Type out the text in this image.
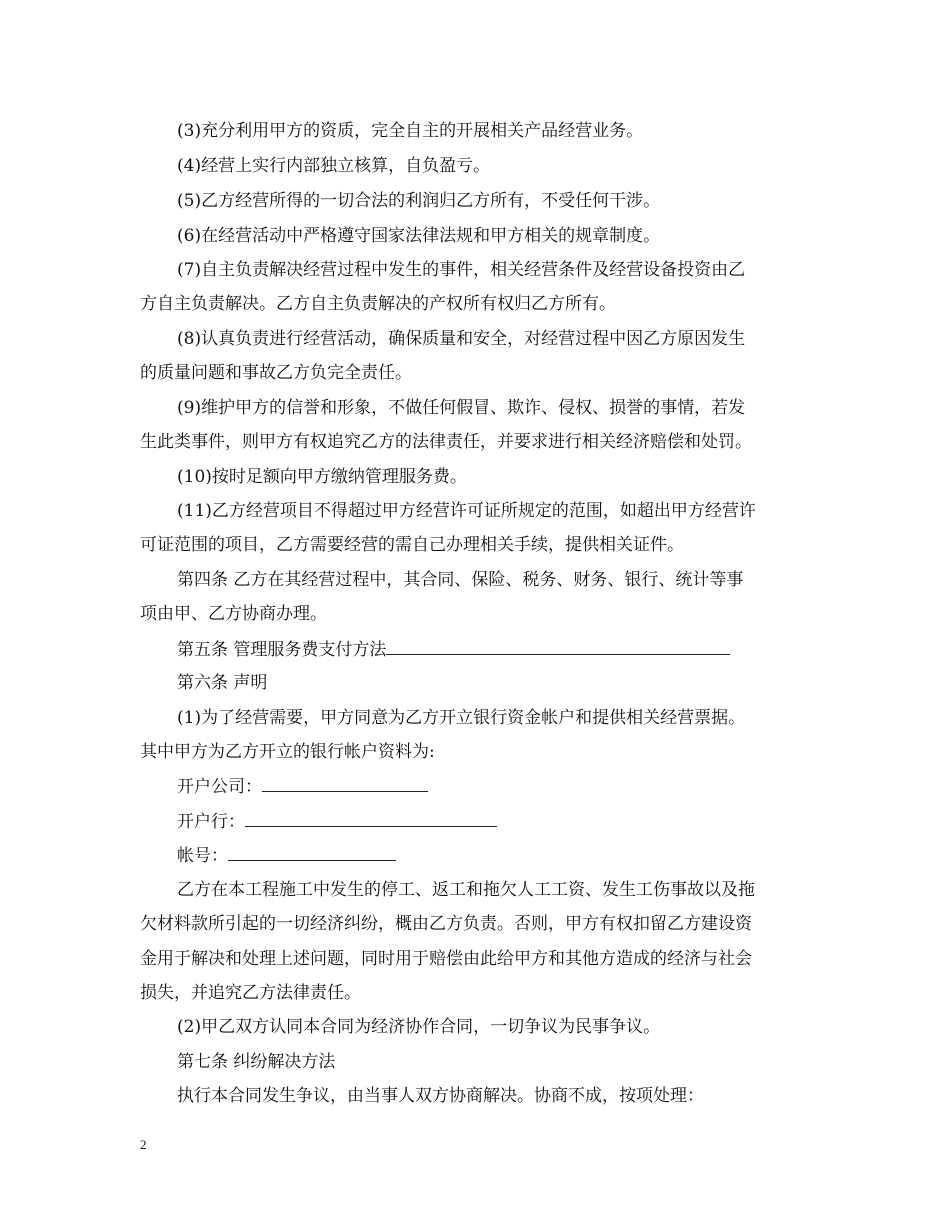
(3)充分利用甲方的资质，完全自主的开展相关产品经营业务。
(4)经营上实行内部独立核算，自负盈亏。
(5)乙方经营所得的一切合法的利润归乙方所有，不受任何干涉。
(6)在经营活动中严格遵守国家法律法规和甲方相关的规章制度。
(7)自主负责解决经营过程中发生的事件，相关经营条件及经营设备投资由乙
方自主负责解决。乙方自主负责解决的产权所有权归乙方所有。
(8)认真负责进行经营活动，确保质量和安全，对经营过程中因乙方原因发生
的质量问题和事故乙方负完全责任。
(9)维护甲方的信誉和形象，不做任何假冒、欺诈、侵权、损誉的事情，若发
生此类事件，则甲方有权追究乙方的法律责任，并要求进行相关经济赔偿和处罚。
(10)按时足额向甲方缴纳管理服务费。
(11)乙方经营项目不得超过甲方经营许可证所规定的范围，如超出甲方经营许
可证范围的项目，乙方需要经营的需自己办理相关手续，提供相关证件。
第四条 乙方在其经营过程中，其合同、保险、税务、财务、银行、统计等事
项由甲、乙方协商办理。
第五条 管理服务费支付方法
第六条 声明
(1)为了经营需要，甲方同意为乙方开立银行资金帐户和提供相关经营票据。
其中甲方为乙方开立的银行帐户资料为:
开户公司：
开户行：
帐号：
乙方在本工程施工中发生的停工、返工和拖欠人工工资、发生工伤事故以及拖
欠材料款所引起的一切经济纠纷，概由乙方负责。否则，甲方有权扣留乙方建设资
金用于解决和处理上述问题，同时用于赔偿由此给甲方和其他方造成的经济与社会
损失，并追究乙方法律责任。
(2)甲乙双方认同本合同为经济协作合同，一切争议为民事争议。
第七条 纠纷解决方法
执行本合同发生争议，由当事人双方协商解决。协商不成，按项处理：
2
